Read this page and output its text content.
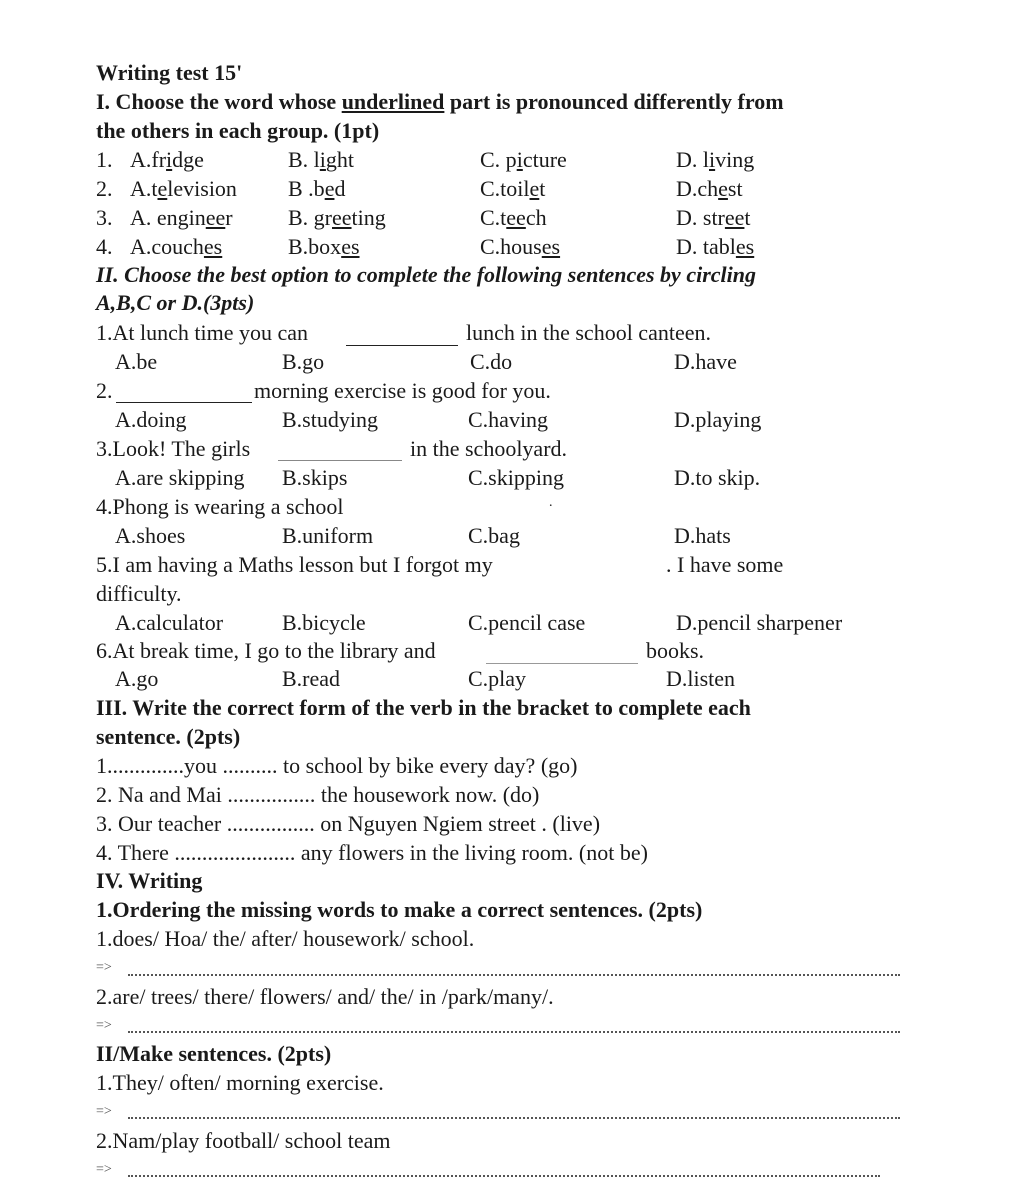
Writing test 15'
I. Choose the word whose underlined part is pronounced differently from
the others in each group. (1pt)
1. A.fridge	B. light	C. picture	D. living
2. A.television B .bed	C.toilet	D.chest
3. A. engineer	B. greeting	C.teech	D. street
4. A.couches	B.boxes	C.houses	D. tables
II. Choose the best option to complete the following sentences by circling
A,B,C or D.(3pts)
1.At lunch time you can	lunch in the school canteen.
A.be	B.go	C.do	D.have
2.	morning exercise is good for you.
A.doing	B.studying	C.having	D.playing
3.Look! The girls	in the schoolyard.
A.are skipping B.skips	C.skipping	D.to skip.
4.Phong is wearing a school	.
A.shoes	B.uniform	C.bag	D.hats
5.I am having a Maths lesson but I forgot my	. I have some
difficulty.
A.calculator	B.bicycle	C.pencil case	D.pencil sharpener
6.At break time, I go to the library and	books.
A.go	B.read	C.play	D.listen
III. Write the correct form of the verb in the bracket to complete each
sentence. (2pts)
1..............you .......... to school by bike every day? (go)
2. Na and Mai ................ the housework now. (do)
3. Our teacher ................ on Nguyen Ngiem street . (live)
4. There ...................... any flowers in the living room. (not be)
IV. Writing
1.Ordering the missing words to make a correct sentences. (2pts)
1.does/ Hoa/ the/ after/ housework/ school.
=>
2.are/ trees/ there/ flowers/ and/ the/ in /park/many/.
=>
II/Make sentences. (2pts)
1.They/ often/ morning exercise.
=>
2.Nam/play football/ school team
=>
